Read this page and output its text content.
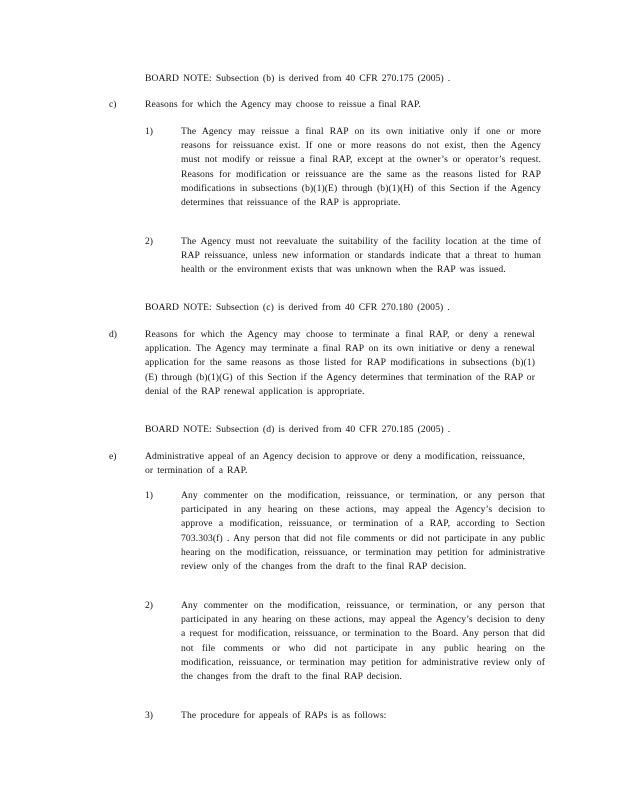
BOARD NOTE: Subsection (b) is derived from 40 CFR 270.175 (2005) .

c)	Reasons for which the Agency may choose to reissue a final RAP.

1)	The Agency may reissue a final RAP on its own initiative only if one or more reasons for reissuance exist. If one or more reasons do not exist, then the Agency must not modify or reissue a final RAP, except at the owner’s or operator’s request. Reasons for modification or reissuance are the same as the reasons listed for RAP modifications in subsections (b)(1)(E) through (b)(1)(H) of this Section if the Agency determines that reissuance of the RAP is appropriate.

2)	The Agency must not reevaluate the suitability of the facility location at the time of RAP reissuance, unless new information or standards indicate that a threat to human health or the environment exists that was unknown when the RAP was issued.

BOARD NOTE: Subsection (c) is derived from 40 CFR 270.180 (2005) .

d)	Reasons for which the Agency may choose to terminate a final RAP, or deny a renewal application. The Agency may terminate a final RAP on its own initiative or deny a renewal application for the same reasons as those listed for RAP modifications in subsections (b)(1)(E) through (b)(1)(G) of this Section if the Agency determines that termination of the RAP or denial of the RAP renewal application is appropriate.

BOARD NOTE: Subsection (d) is derived from 40 CFR 270.185 (2005) .

e)	Administrative appeal of an Agency decision to approve or deny a modification, reissuance, or termination of a RAP.

1)	Any commenter on the modification, reissuance, or termination, or any person that participated in any hearing on these actions, may appeal the Agency’s decision to approve a modification, reissuance, or termination of a RAP, according to Section 703.303(f) . Any person that did not file comments or did not participate in any public hearing on the modification, reissuance, or termination may petition for administrative review only of the changes from the draft to the final RAP decision.

2)	Any commenter on the modification, reissuance, or termination, or any person that participated in any hearing on these actions, may appeal the Agency’s decision to deny a request for modification, reissuance, or termination to the Board. Any person that did not file comments or who did not participate in any public hearing on the modification, reissuance, or termination may petition for administrative review only of the changes from the draft to the final RAP decision.

3)	The procedure for appeals of RAPs is as follows:
